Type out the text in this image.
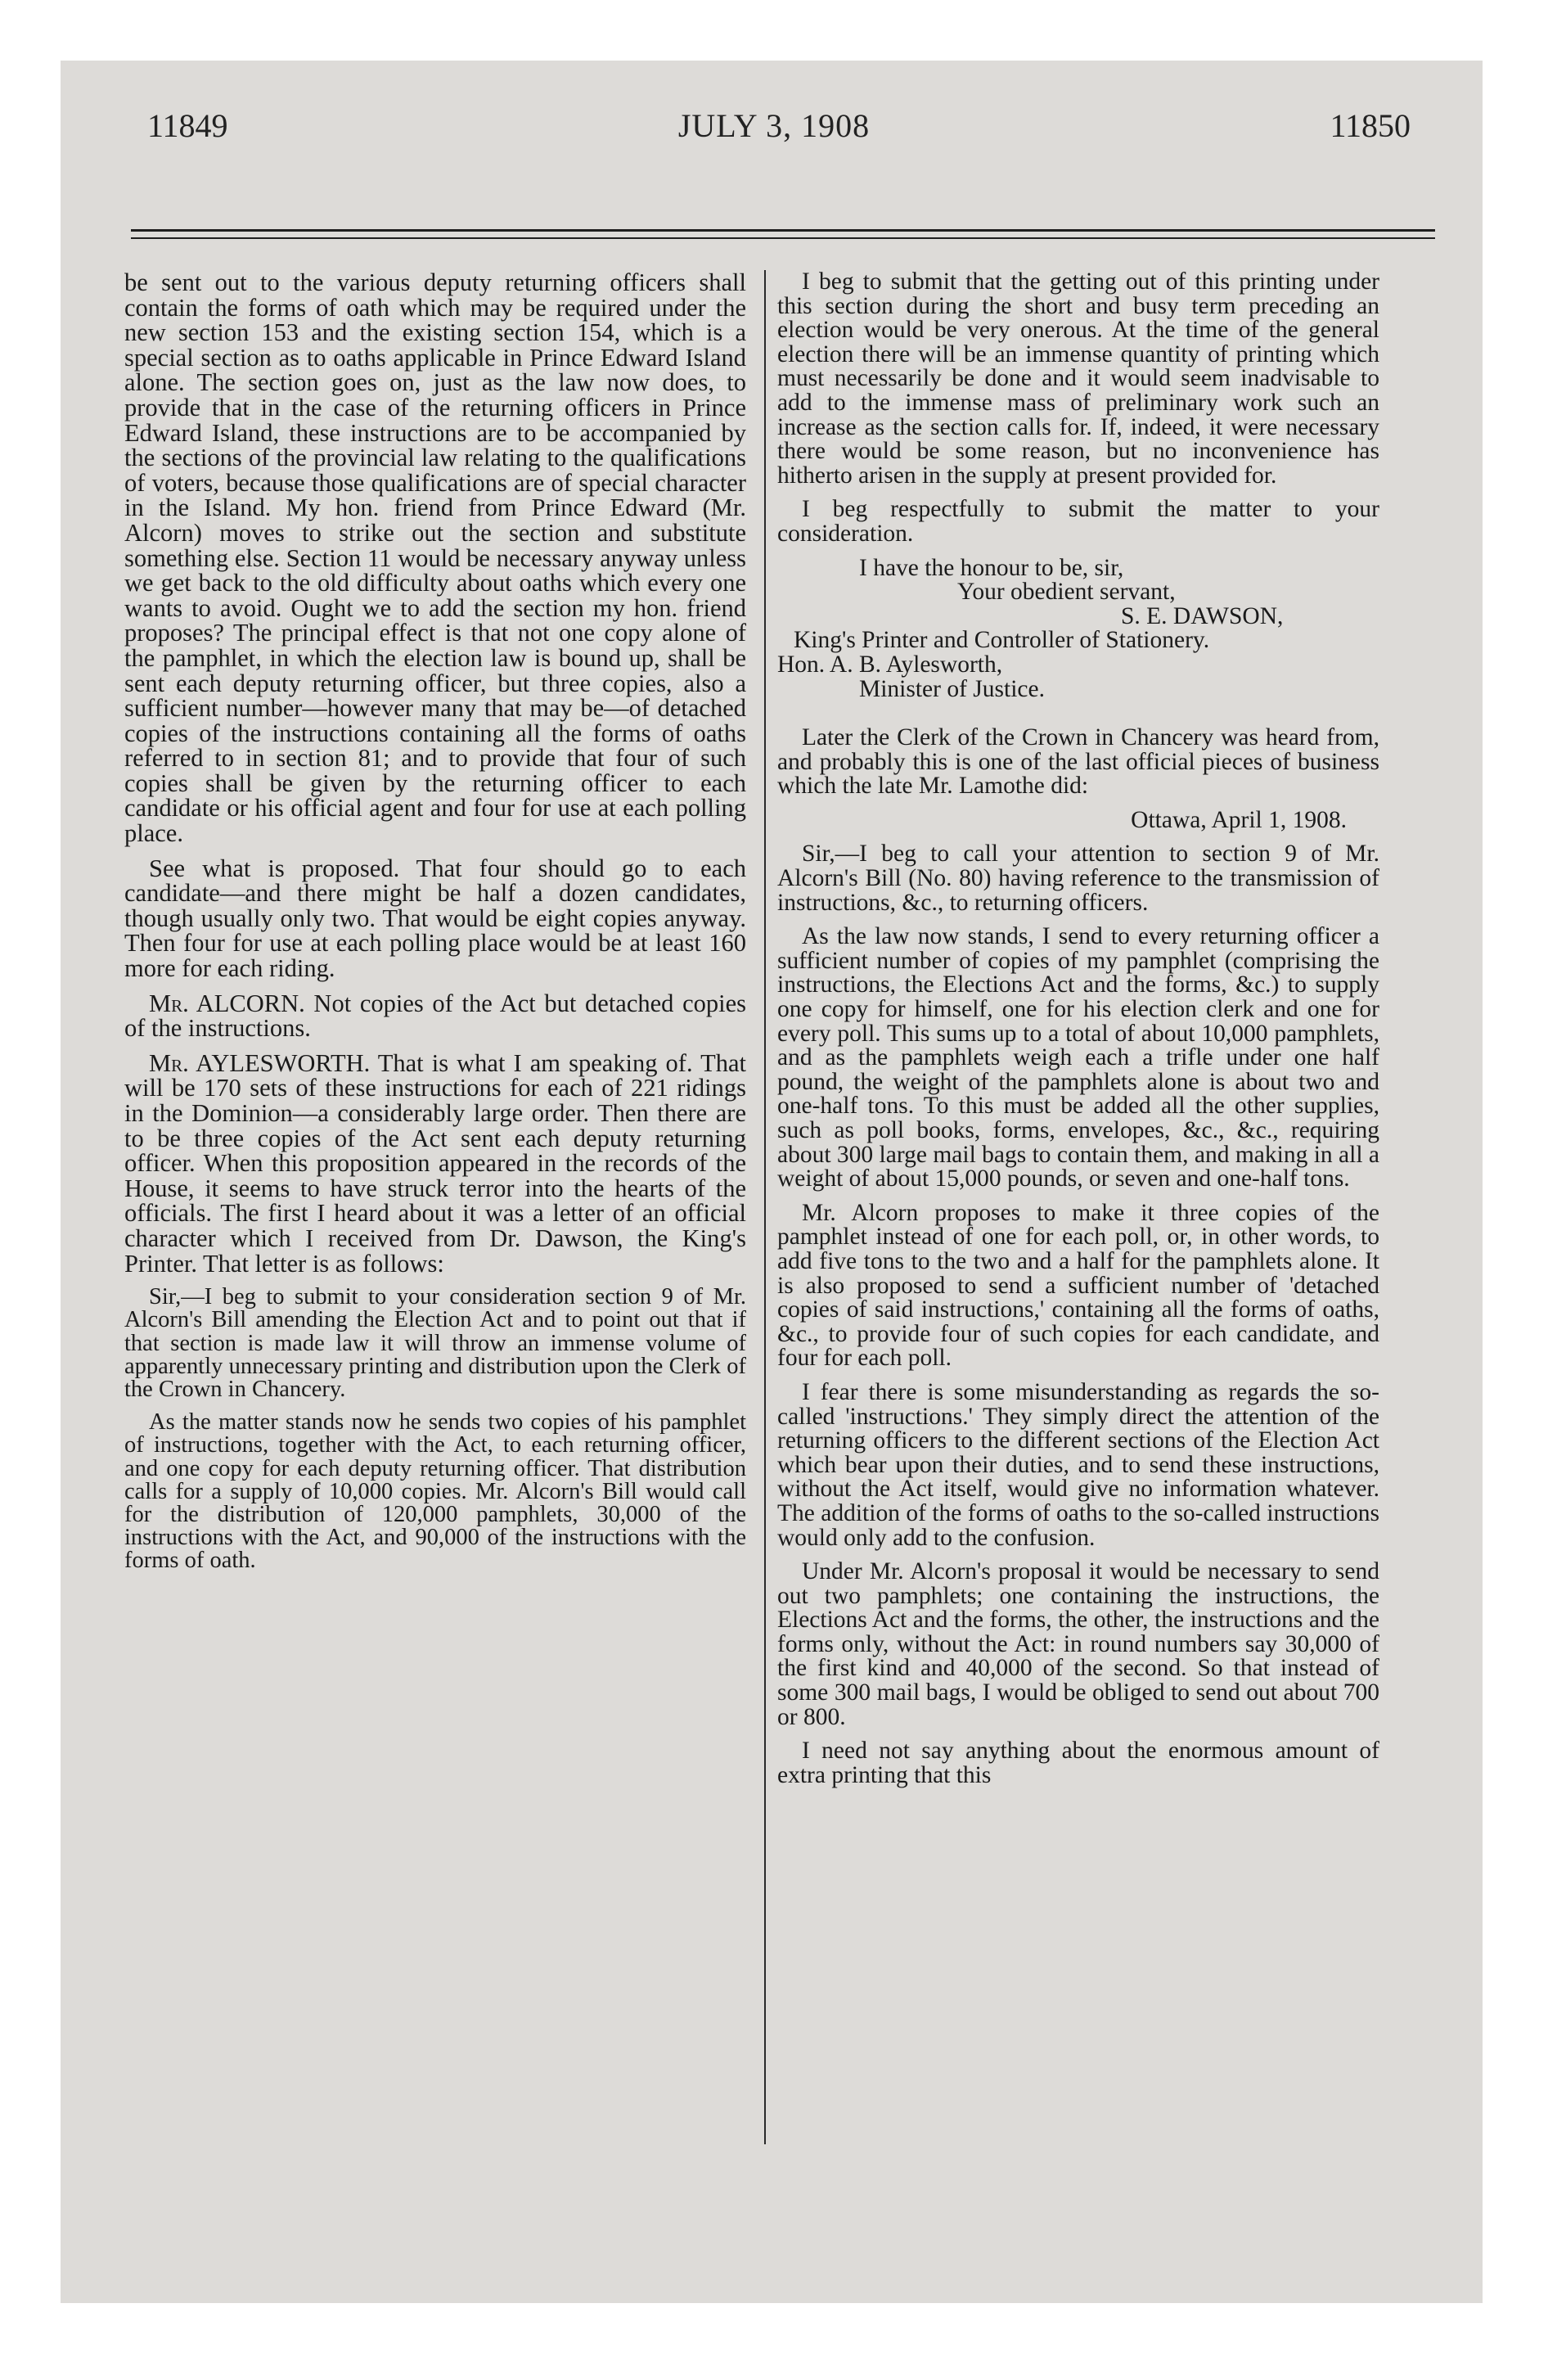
11849	JULY 3, 1908	11850

be sent out to the various deputy returning officers shall contain the forms of oath which may be required under the new section 153 and the existing section 154, which is a special section as to oaths applicable in Prince Edward Island alone. The section goes on, just as the law now does, to provide that in the case of the returning officers in Prince Edward Island, these instructions are to be accompanied by the sections of the provincial law relating to the qualifications of voters, because those qualifications are of special character in the Island. My hon. friend from Prince Edward (Mr. Alcorn) moves to strike out the section and substitute something else. Section 11 would be necessary anyway unless we get back to the old difficulty about oaths which every one wants to avoid. Ought we to add the section my hon. friend proposes? The principal effect is that not one copy alone of the pamphlet, in which the election law is bound up, shall be sent each deputy returning officer, but three copies, also a sufficient number—however many that may be—of detached copies of the instructions containing all the forms of oaths referred to in section 81; and to provide that four of such copies shall be given by the returning officer to each candidate or his official agent and four for use at each polling place.

See what is proposed. That four should go to each candidate—and there might be half a dozen candidates, though usually only two. That would be eight copies anyway. Then four for use at each polling place would be at least 160 more for each riding.

Mr. ALCORN. Not copies of the Act but detached copies of the instructions.

Mr. AYLESWORTH. That is what I am speaking of. That will be 170 sets of these instructions for each of 221 ridings in the Dominion—a considerably large order. Then there are to be three copies of the Act sent each deputy returning officer. When this proposition appeared in the records of the House, it seems to have struck terror into the hearts of the officials. The first I heard about it was a letter of an official character which I received from Dr. Dawson, the King's Printer. That letter is as follows:

Sir,—I beg to submit to your consideration section 9 of Mr. Alcorn's Bill amending the Election Act and to point out that if that section is made law it will throw an immense volume of apparently unnecessary printing and distribution upon the Clerk of the Crown in Chancery.

As the matter stands now he sends two copies of his pamphlet of instructions, together with the Act, to each returning officer, and one copy for each deputy returning officer. That distribution calls for a supply of 10,000 copies. Mr. Alcorn's Bill would call for the distribution of 120,000 pamphlets, 30,000 of the instructions with the Act, and 90,000 of the instructions with the forms of oath.

I beg to submit that the getting out of this printing under this section during the short and busy term preceding an election would be very onerous. At the time of the general election there will be an immense quantity of printing which must necessarily be done and it would seem inadvisable to add to the immense mass of preliminary work such an increase as the section calls for. If, indeed, it were necessary there would be some reason, but no inconvenience has hitherto arisen in the supply at present provided for.

I beg respectfully to submit the matter to your consideration.

I have the honour to be, sir,

Your obedient servant,

S. E. DAWSON,

King's Printer and Controller of Stationery.

Hon. A. B. Aylesworth,

Minister of Justice.

Later the Clerk of the Crown in Chancery was heard from, and probably this is one of the last official pieces of business which the late Mr. Lamothe did:

Ottawa, April 1, 1908.

Sir,—I beg to call your attention to section 9 of Mr. Alcorn's Bill (No. 80) having reference to the transmission of instructions, &c., to returning officers.

As the law now stands, I send to every returning officer a sufficient number of copies of my pamphlet (comprising the instructions, the Elections Act and the forms, &c.) to supply one copy for himself, one for his election clerk and one for every poll. This sums up to a total of about 10,000 pamphlets, and as the pamphlets weigh each a trifle under one half pound, the weight of the pamphlets alone is about two and one-half tons. To this must be added all the other supplies, such as poll books, forms, envelopes, &c., &c., requiring about 300 large mail bags to contain them, and making in all a weight of about 15,000 pounds, or seven and one-half tons.

Mr. Alcorn proposes to make it three copies of the pamphlet instead of one for each poll, or, in other words, to add five tons to the two and a half for the pamphlets alone. It is also proposed to send a sufficient number of 'detached copies of said instructions,' containing all the forms of oaths, &c., to provide four of such copies for each candidate, and four for each poll.

I fear there is some misunderstanding as regards the so-called 'instructions.' They simply direct the attention of the returning officers to the different sections of the Election Act which bear upon their duties, and to send these instructions, without the Act itself, would give no information whatever. The addition of the forms of oaths to the so-called instructions would only add to the confusion.

Under Mr. Alcorn's proposal it would be necessary to send out two pamphlets; one containing the instructions, the Elections Act and the forms, the other, the instructions and the forms only, without the Act: in round numbers say 30,000 of the first kind and 40,000 of the second. So that instead of some 300 mail bags, I would be obliged to send out about 700 or 800.

I need not say anything about the enormous amount of extra printing that this
